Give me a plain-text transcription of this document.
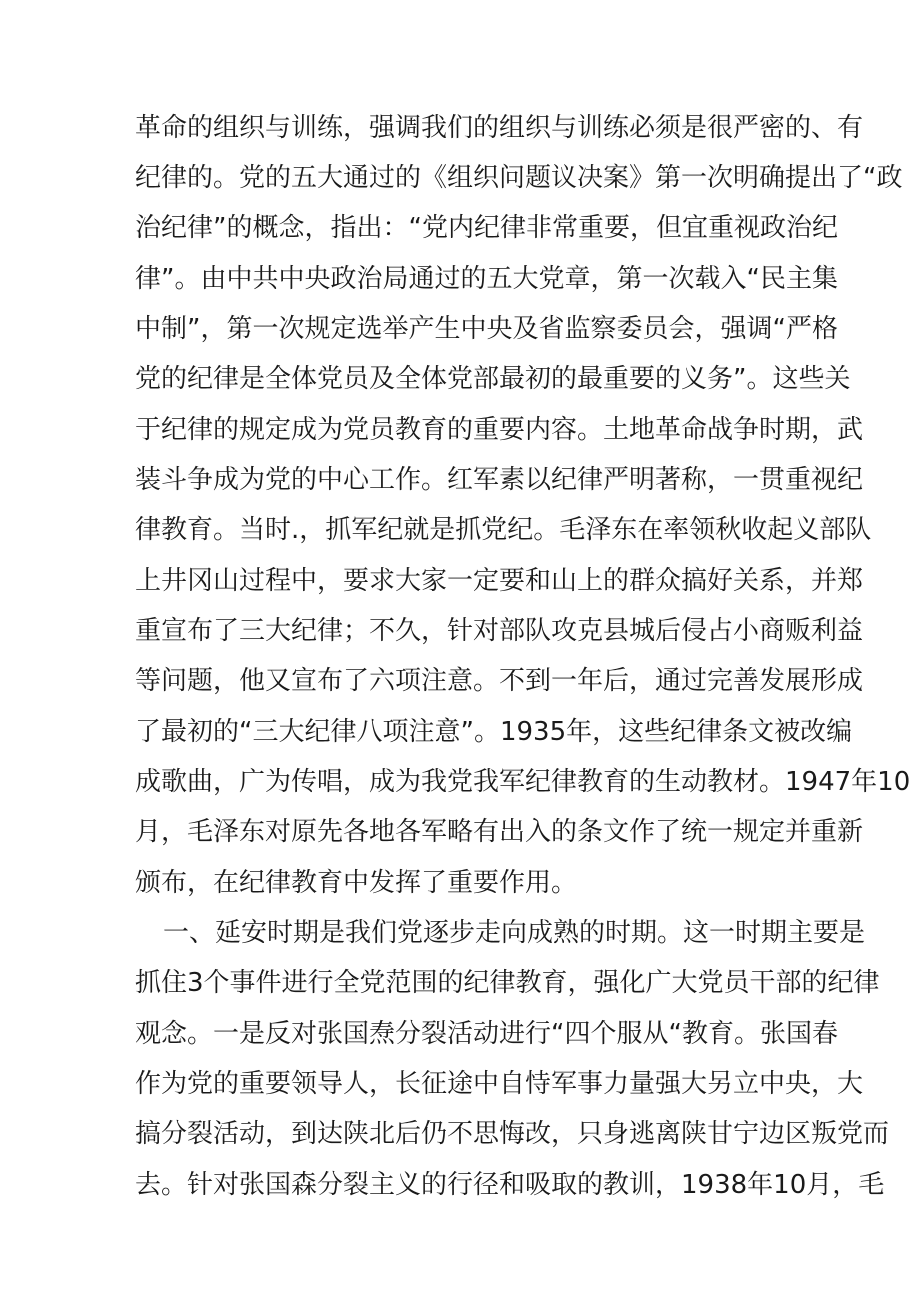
革命的组织与训练，强调我们的组织与训练必须是很严密的、有
纪律的。党的五大通过的《组织问题议决案》第一次明确提出了“政
治纪律”的概念，指出：“党内纪律非常重要，但宜重视政治纪
律”。由中共中央政治局通过的五大党章，第一次载入“民主集
中制”，第一次规定选举产生中央及省监察委员会，强调“严格
党的纪律是全体党员及全体党部最初的最重要的义务”。这些关
于纪律的规定成为党员教育的重要内容。土地革命战争时期，武
装斗争成为党的中心工作。红军素以纪律严明著称，一贯重视纪
律教育。当时.，抓军纪就是抓党纪。毛泽东在率领秋收起义部队
上井冈山过程中，要求大家一定要和山上的群众搞好关系，并郑
重宣布了三大纪律；不久，针对部队攻克县城后侵占小商贩利益
等问题，他又宣布了六项注意。不到一年后，通过完善发展形成
了最初的“三大纪律八项注意”。1935年，这些纪律条文被改编
成歌曲，广为传唱，成为我党我军纪律教育的生动教材。1947年10
月，毛泽东对原先各地各军略有出入的条文作了统一规定并重新
颁布，在纪律教育中发挥了重要作用。
一、延安时期是我们党逐步走向成熟的时期。这一时期主要是
抓住3个事件进行全党范围的纪律教育，强化广大党员干部的纪律
观念。一是反对张国焘分裂活动进行“四个服从“教育。张国春
作为党的重要领导人，长征途中自恃军事力量强大另立中央，大
搞分裂活动，到达陕北后仍不思悔改，只身逃离陕甘宁边区叛党而
去。针对张国森分裂主义的行径和吸取的教训，1938年10月，毛
